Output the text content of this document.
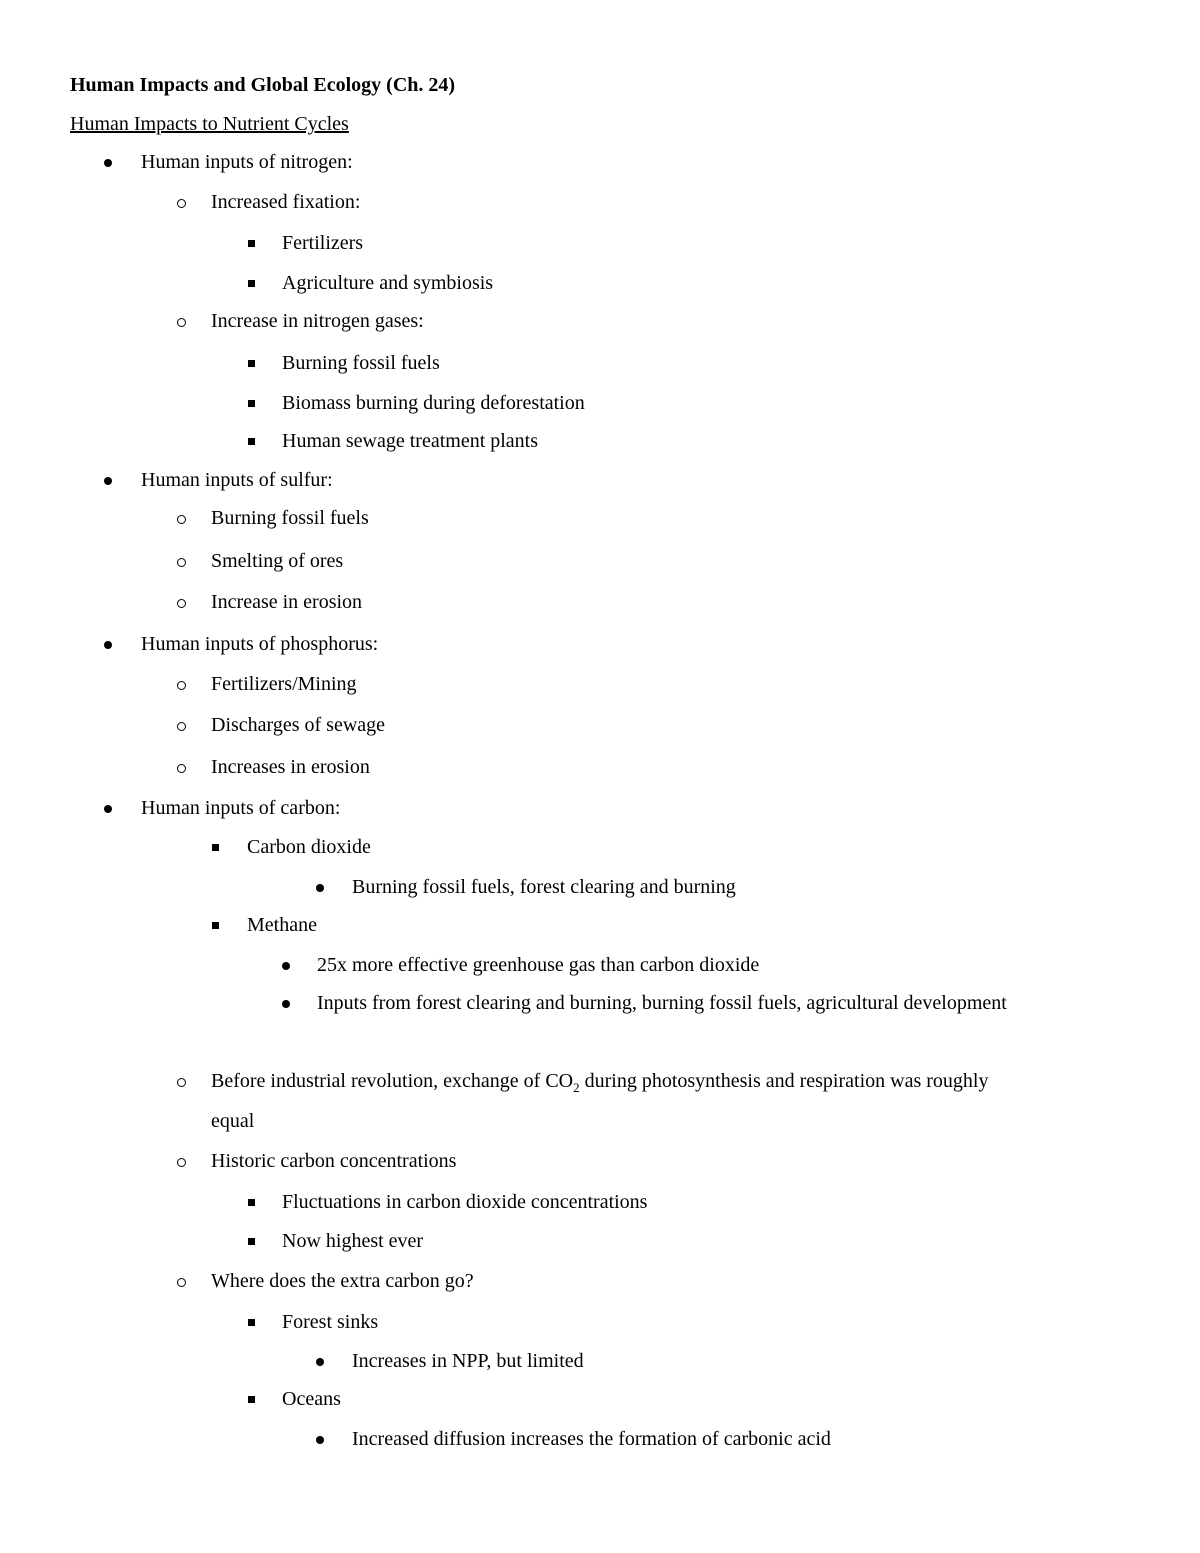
Human Impacts and Global Ecology (Ch. 24)
Human Impacts to Nutrient Cycles
Human inputs of nitrogen:
Increased fixation:
Fertilizers
Agriculture and symbiosis
Increase in nitrogen gases:
Burning fossil fuels
Biomass burning during deforestation
Human sewage treatment plants
Human inputs of sulfur:
Burning fossil fuels
Smelting of ores
Increase in erosion
Human inputs of phosphorus:
Fertilizers/Mining
Discharges of sewage
Increases in erosion
Human inputs of carbon:
Carbon dioxide
Burning fossil fuels, forest clearing and burning
Methane
25x more effective greenhouse gas than carbon dioxide
Inputs from forest clearing and burning, burning fossil fuels, agricultural development
Before industrial revolution, exchange of $CO_2$ during photosynthesis and respiration was roughly
equal
Historic carbon concentrations
Fluctuations in carbon dioxide concentrations
Now highest ever
Where does the extra carbon go?
Forest sinks
Increases in NPP, but limited
Oceans
Increased diffusion increases the formation of carbonic acid
